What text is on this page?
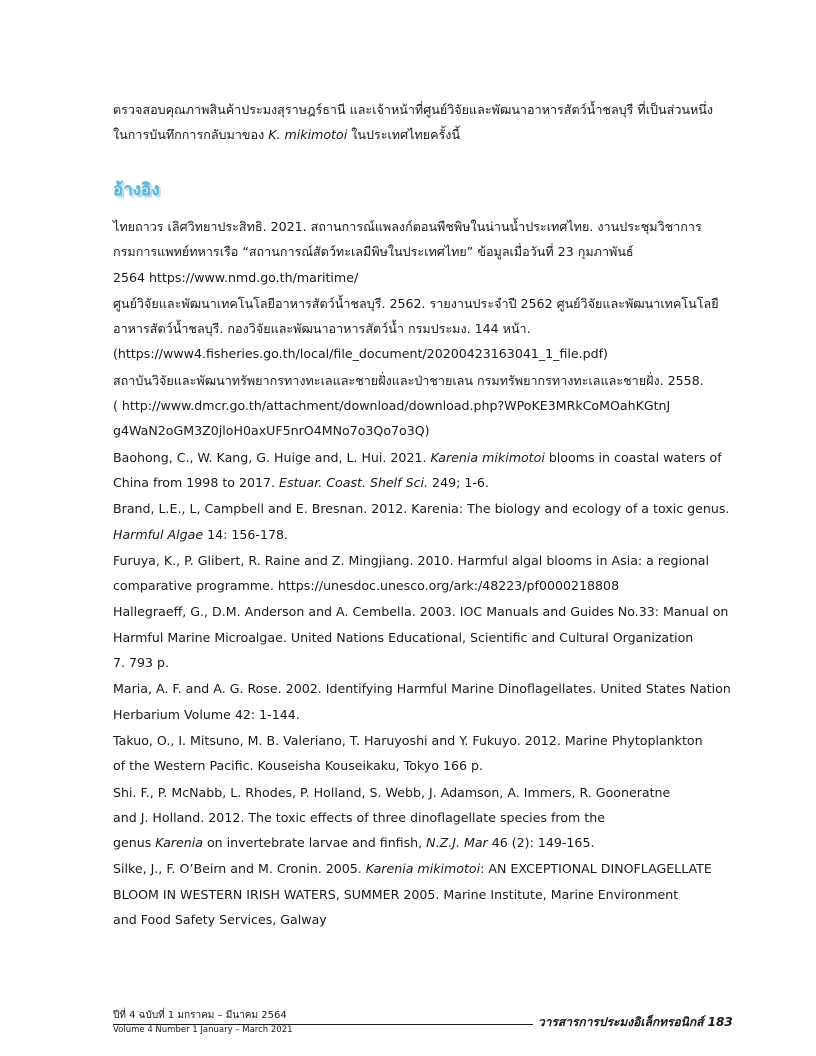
ตรวจสอบคุณภาพสินค้าประมงสุราษฎร์ธานี และเจ้าหน้าที่ศูนย์วิจัยและพัฒนาอาหารสัตว์น้ำชลบุรี ที่เป็นส่วนหนึ่ง

ในการบันทึกการกลับมาของ K. mikimotoi ในประเทศไทยครั้งนี้

อ้างอิง
ไทยถาวร เลิศวิทยาประสิทธิ. 2021. สถานการณ์แพลงก์ตอนพืชพิษในน่านน้ำประเทศไทย. งานประชุมวิชาการ
กรมการแพทย์ทหารเรือ “สถานการณ์สัตว์ทะเลมีพิษในประเทศไทย” ข้อมูลเมื่อวันที่ 23 กุมภาพันธ์
2564 https://www.nmd.go.th/maritime/
ศูนย์วิจัยและพัฒนาเทคโนโลยีอาหารสัตว์น้ำชลบุรี. 2562. รายงานประจำปี 2562 ศูนย์วิจัยและพัฒนาเทคโนโลยี
อาหารสัตว์น้ำชลบุรี. กองวิจัยและพัฒนาอาหารสัตว์น้ำ กรมประมง. 144 หน้า.
(https://www4.fisheries.go.th/local/file_document/20200423163041_1_file.pdf)
สถาบันวิจัยและพัฒนาทรัพยากรทางทะเลและชายฝั่งและป่าชายเลน กรมทรัพยากรทางทะเลและชายฝั่ง. 2558.
( http://www.dmcr.go.th/attachment/download/download.php?WPoKE3MRkCoMOahKGtnJ
g4WaN2oGM3Z0jloH0axUF5nrO4MNo7o3Qo7o3Q)
Baohong, C., W. Kang, G. Huige and, L. Hui. 2021. Karenia mikimotoi blooms in coastal waters of
China from 1998 to 2017. Estuar. Coast. Shelf Sci. 249; 1-6.
Brand, L.E., L, Campbell and E. Bresnan. 2012. Karenia: The biology and ecology of a toxic genus.
Harmful Algae 14: 156-178.
Furuya, K., P. Glibert, R. Raine and Z. Mingjiang. 2010. Harmful algal blooms in Asia: a regional
comparative programme. https://unesdoc.unesco.org/ark:/48223/pf0000218808
Hallegraeff, G., D.M. Anderson and A. Cembella. 2003. IOC Manuals and Guides No.33: Manual on
Harmful Marine Microalgae. United Nations Educational, Scientific and Cultural Organization
7. 793 p.
Maria, A. F. and A. G. Rose. 2002. Identifying Harmful Marine Dinoflagellates. United States Nation
Herbarium Volume 42: 1-144.
Takuo, O., I. Mitsuno, M. B. Valeriano, T. Haruyoshi and Y. Fukuyo. 2012. Marine Phytoplankton
of the Western Pacific. Kouseisha Kouseikaku, Tokyo 166 p.
Shi. F., P. McNabb, L. Rhodes, P. Holland, S. Webb, J. Adamson, A. Immers, R. Gooneratne
and J. Holland. 2012. The toxic effects of three dinoflagellate species from the
genus Karenia on invertebrate larvae and finfish, N.Z.J. Mar 46 (2): 149-165.
Silke, J., F. O’Beirn and M. Cronin. 2005. Karenia mikimotoi: AN EXCEPTIONAL DINOFLAGELLATE
BLOOM IN WESTERN IRISH WATERS, SUMMER 2005. Marine Institute, Marine Environment
and Food Safety Services, Galway
ปีที่ 4 ฉบับที่ 1 มกราคม – มีนาคม 2564
Volume 4 Number 1 January – March 2021
วารสารการประมงอิเล็กทรอนิกส์ 183
